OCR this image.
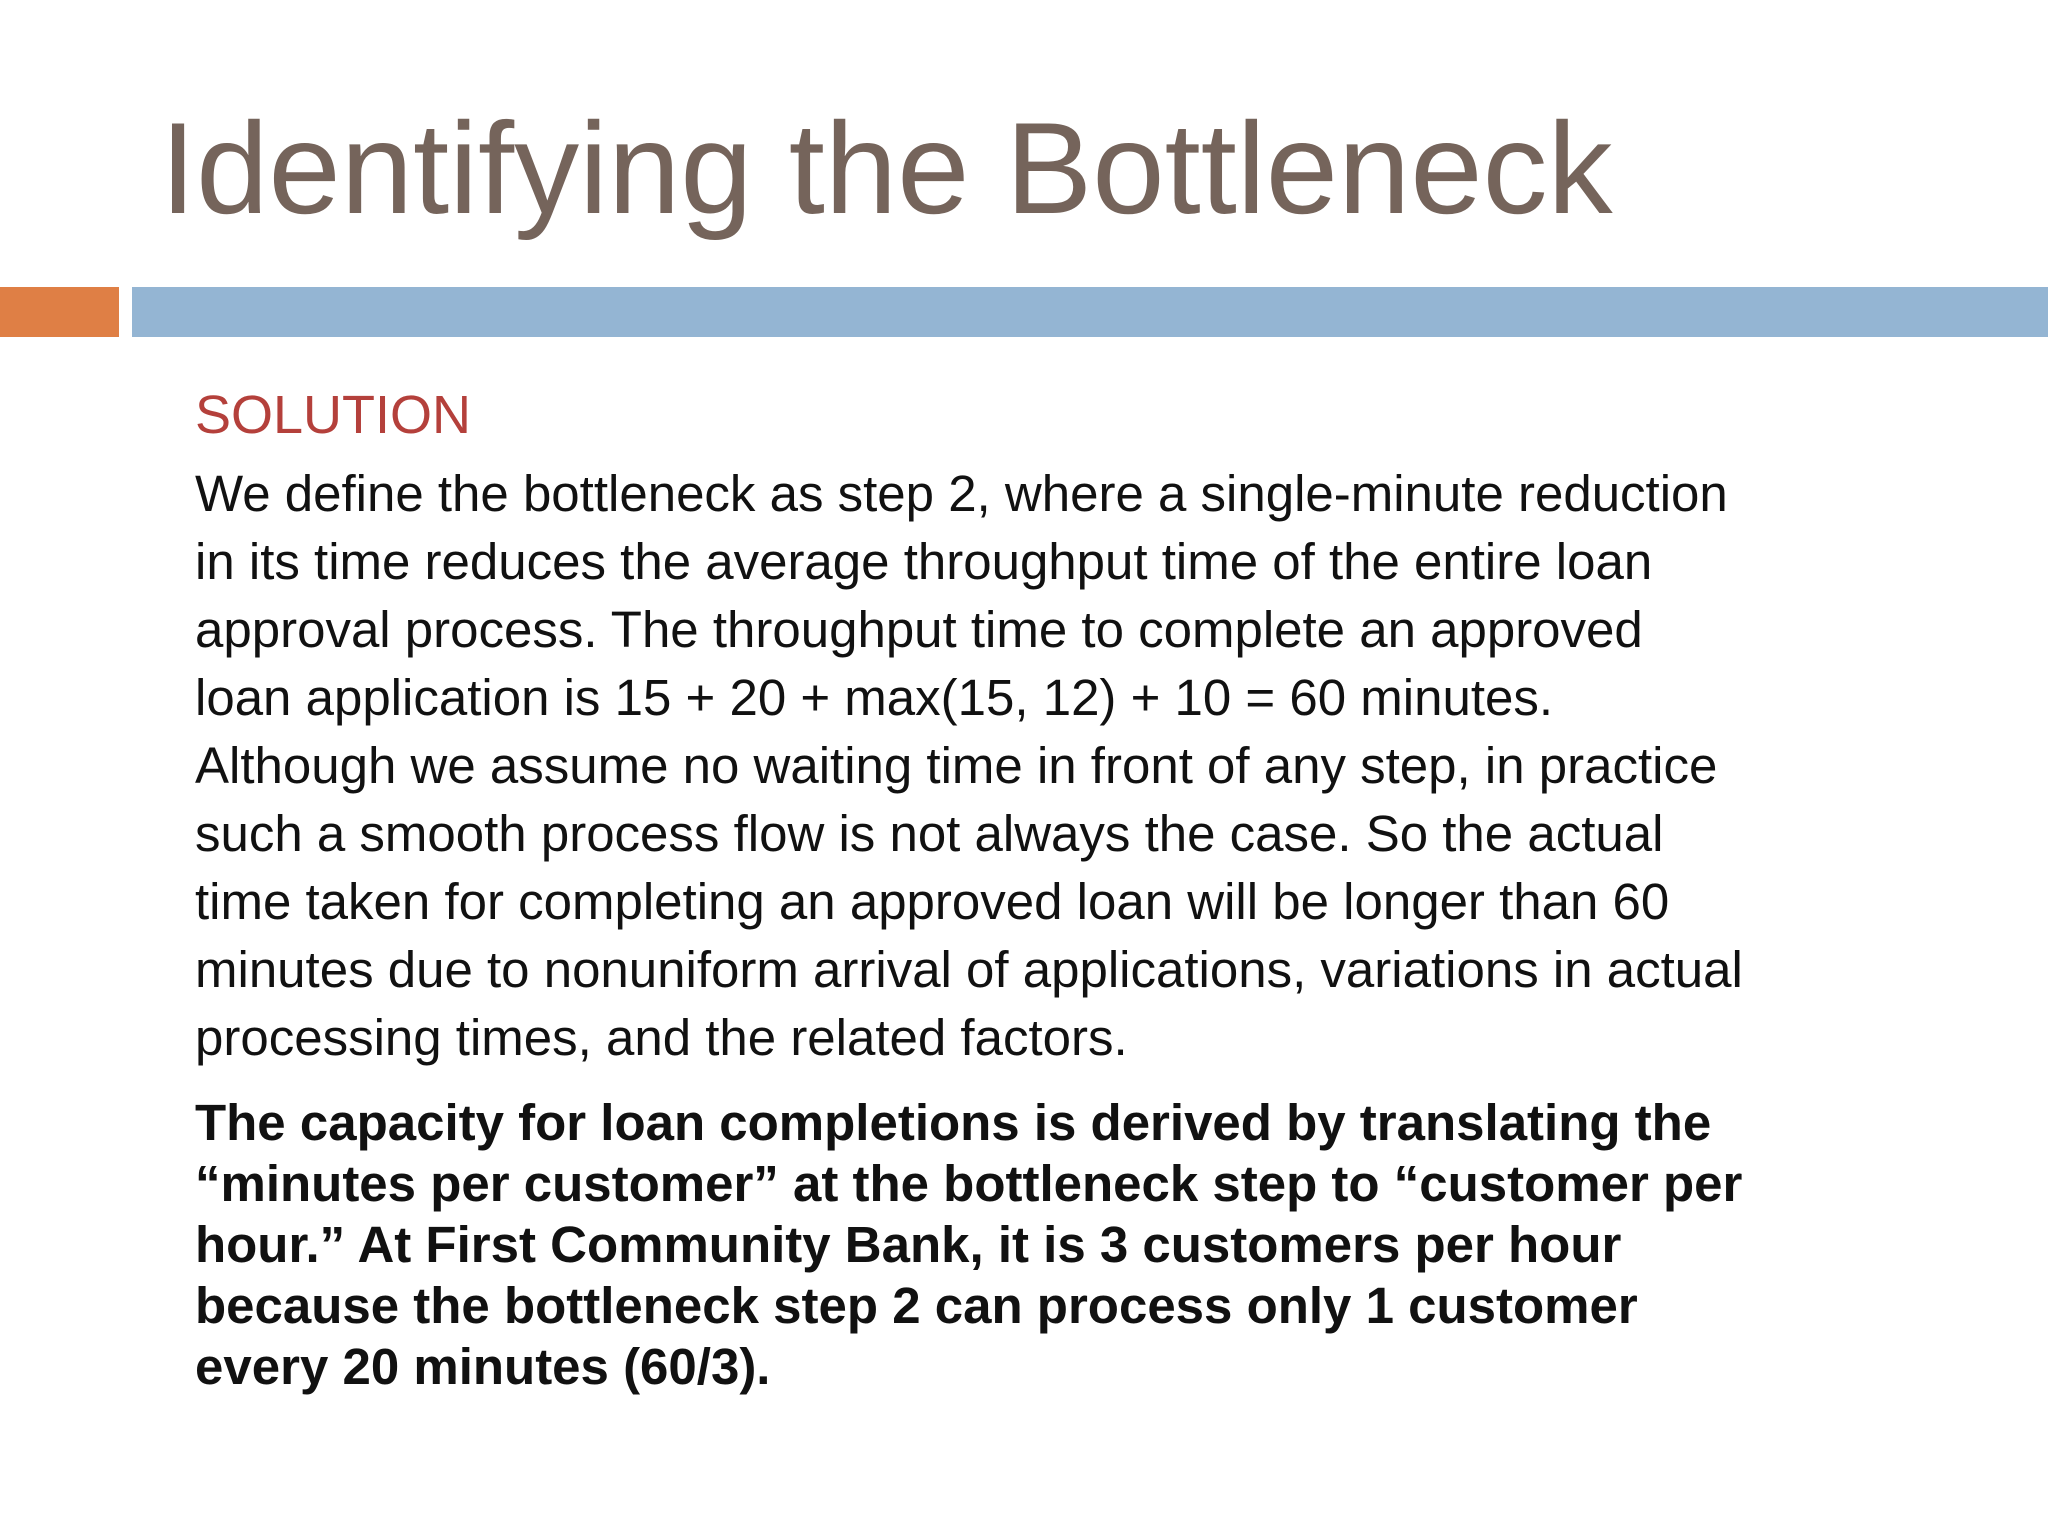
Identifying the Bottleneck

SOLUTION

We define the bottleneck as step 2, where a single-minute reduction
in its time reduces the average throughput time of the entire loan
approval process. The throughput time to complete an approved
loan application is 15 + 20 + max(15, 12) + 10 = 60 minutes.
Although we assume no waiting time in front of any step, in practice
such a smooth process flow is not always the case. So the actual
time taken for completing an approved loan will be longer than 60
minutes due to nonuniform arrival of applications, variations in actual
processing times, and the related factors.

The capacity for loan completions is derived by translating the
“minutes per customer” at the bottleneck step to “customer per
hour.” At First Community Bank, it is 3 customers per hour
because the bottleneck step 2 can process only 1 customer
every 20 minutes (60/3).
